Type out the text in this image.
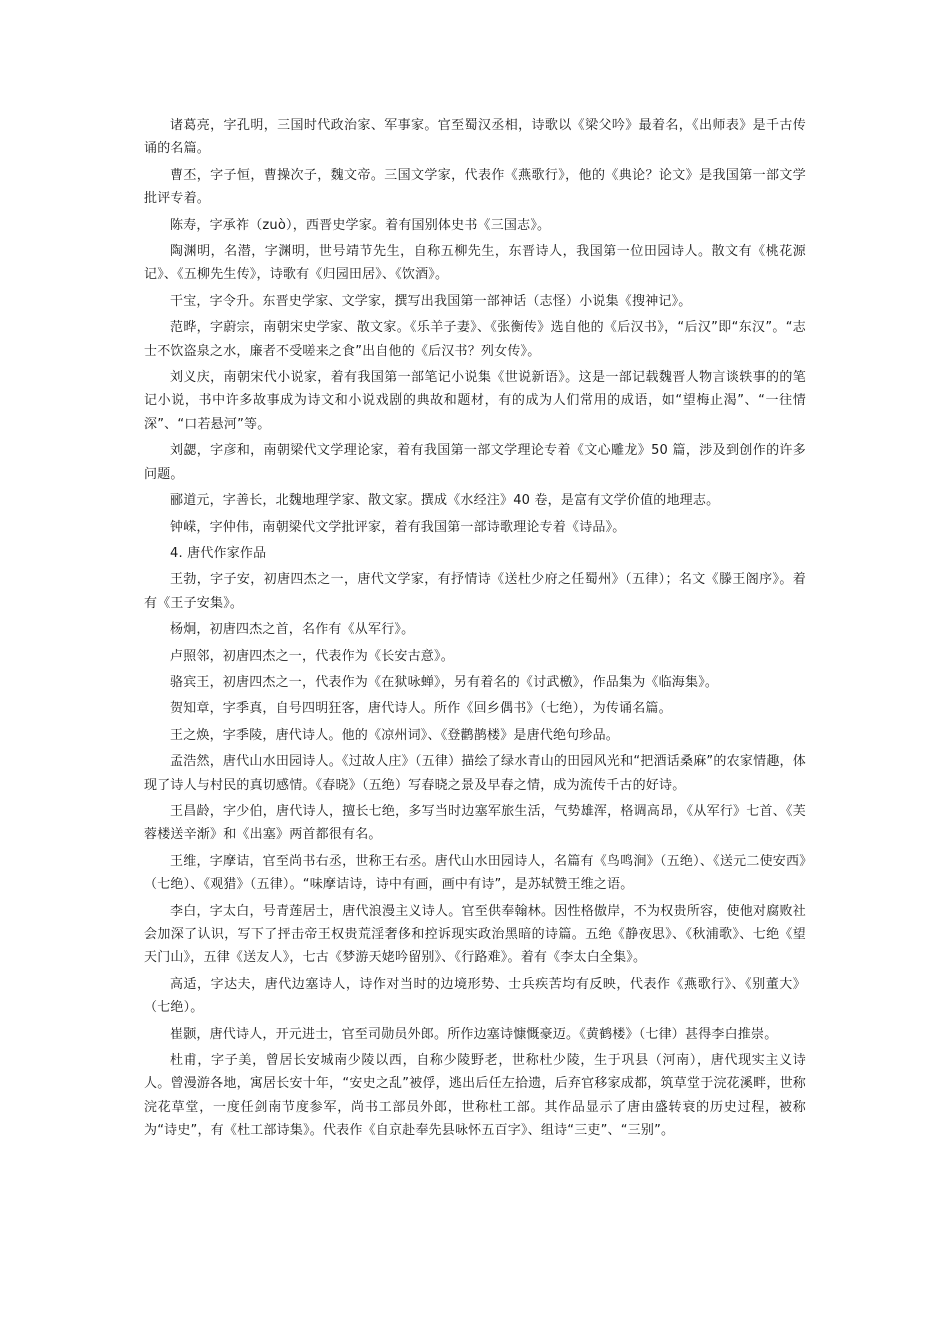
诸葛亮，字孔明，三国时代政治家、军事家。官至蜀汉丞相，诗歌以《梁父吟》最着名，《出师表》是千古传诵的名篇。

曹丕，字子恒，曹操次子，魏文帝。三国文学家，代表作《燕歌行》，他的《典论？论文》是我国第一部文学批评专着。

陈寿，字承祚（zuò），西晋史学家。着有国别体史书《三国志》。

陶渊明，名潜，字渊明，世号靖节先生，自称五柳先生，东晋诗人，我国第一位田园诗人。散文有《桃花源记》、《五柳先生传》，诗歌有《归园田居》、《饮酒》。

干宝，字令升。东晋史学家、文学家，撰写出我国第一部神话（志怪）小说集《搜神记》。

范晔，字蔚宗，南朝宋史学家、散文家。《乐羊子妻》、《张衡传》选自他的《后汉书》，“后汉”即“东汉”。“志士不饮盗泉之水，廉者不受嗟来之食”出自他的《后汉书？列女传》。

刘义庆，南朝宋代小说家，着有我国第一部笔记小说集《世说新语》。这是一部记载魏晋人物言谈轶事的的笔记小说，书中许多故事成为诗文和小说戏剧的典故和题材，有的成为人们常用的成语，如“望梅止渴”、“一往情深”、“口若悬河”等。

刘勰，字彦和，南朝梁代文学理论家，着有我国第一部文学理论专着《文心雕龙》50 篇，涉及到创作的许多问题。

郦道元，字善长，北魏地理学家、散文家。撰成《水经注》40 卷，是富有文学价值的地理志。

钟嵘，字仲伟，南朝梁代文学批评家，着有我国第一部诗歌理论专着《诗品》。

4. 唐代作家作品

王勃，字子安，初唐四杰之一，唐代文学家，有抒情诗《送杜少府之任蜀州》（五律）；名文《滕王阁序》。着有《王子安集》。

杨炯，初唐四杰之首，名作有《从军行》。

卢照邻，初唐四杰之一，代表作为《长安古意》。

骆宾王，初唐四杰之一，代表作为《在狱咏蝉》，另有着名的《讨武檄》，作品集为《临海集》。

贺知章，字季真，自号四明狂客，唐代诗人。所作《回乡偶书》（七绝），为传诵名篇。

王之焕，字季陵，唐代诗人。他的《凉州词》、《登鹳鹊楼》是唐代绝句珍品。

孟浩然，唐代山水田园诗人。《过故人庄》（五律）描绘了绿水青山的田园风光和“把酒话桑麻”的农家情趣，体现了诗人与村民的真切感情。《春晓》（五绝）写春晓之景及早春之情，成为流传千古的好诗。

王昌龄，字少伯，唐代诗人，擅长七绝，多写当时边塞军旅生活，气势雄浑，格调高昂，《从军行》七首、《芙蓉楼送辛渐》和《出塞》两首都很有名。

王维，字摩诘，官至尚书右丞，世称王右丞。唐代山水田园诗人，名篇有《鸟鸣涧》（五绝）、《送元二使安西》（七绝）、《观猎》（五律）。“味摩诘诗，诗中有画，画中有诗”，是苏轼赞王维之语。

李白，字太白，号青莲居士，唐代浪漫主义诗人。官至供奉翰林。因性格傲岸，不为权贵所容，使他对腐败社会加深了认识，写下了抨击帝王权贵荒淫奢侈和控诉现实政治黑暗的诗篇。五绝《静夜思》、《秋浦歌》、七绝《望天门山》，五律《送友人》，七古《梦游天姥吟留别》、《行路难》。着有《李太白全集》。

高适，字达夫，唐代边塞诗人，诗作对当时的边境形势、士兵疾苦均有反映，代表作《燕歌行》、《别董大》（七绝）。

崔颢，唐代诗人，开元进士，官至司勋员外郎。所作边塞诗慷慨豪迈。《黄鹤楼》（七律）甚得李白推崇。

杜甫，字子美，曾居长安城南少陵以西，自称少陵野老，世称杜少陵，生于巩县（河南），唐代现实主义诗人。曾漫游各地，寓居长安十年，“安史之乱”被俘，逃出后任左拾遗，后弃官移家成都，筑草堂于浣花溪畔，世称浣花草堂，一度任剑南节度参军，尚书工部员外郎，世称杜工部。其作品显示了唐由盛转衰的历史过程，被称为“诗史”，有《杜工部诗集》。代表作《自京赴奉先县咏怀五百字》、组诗“三吏”、“三别”。
